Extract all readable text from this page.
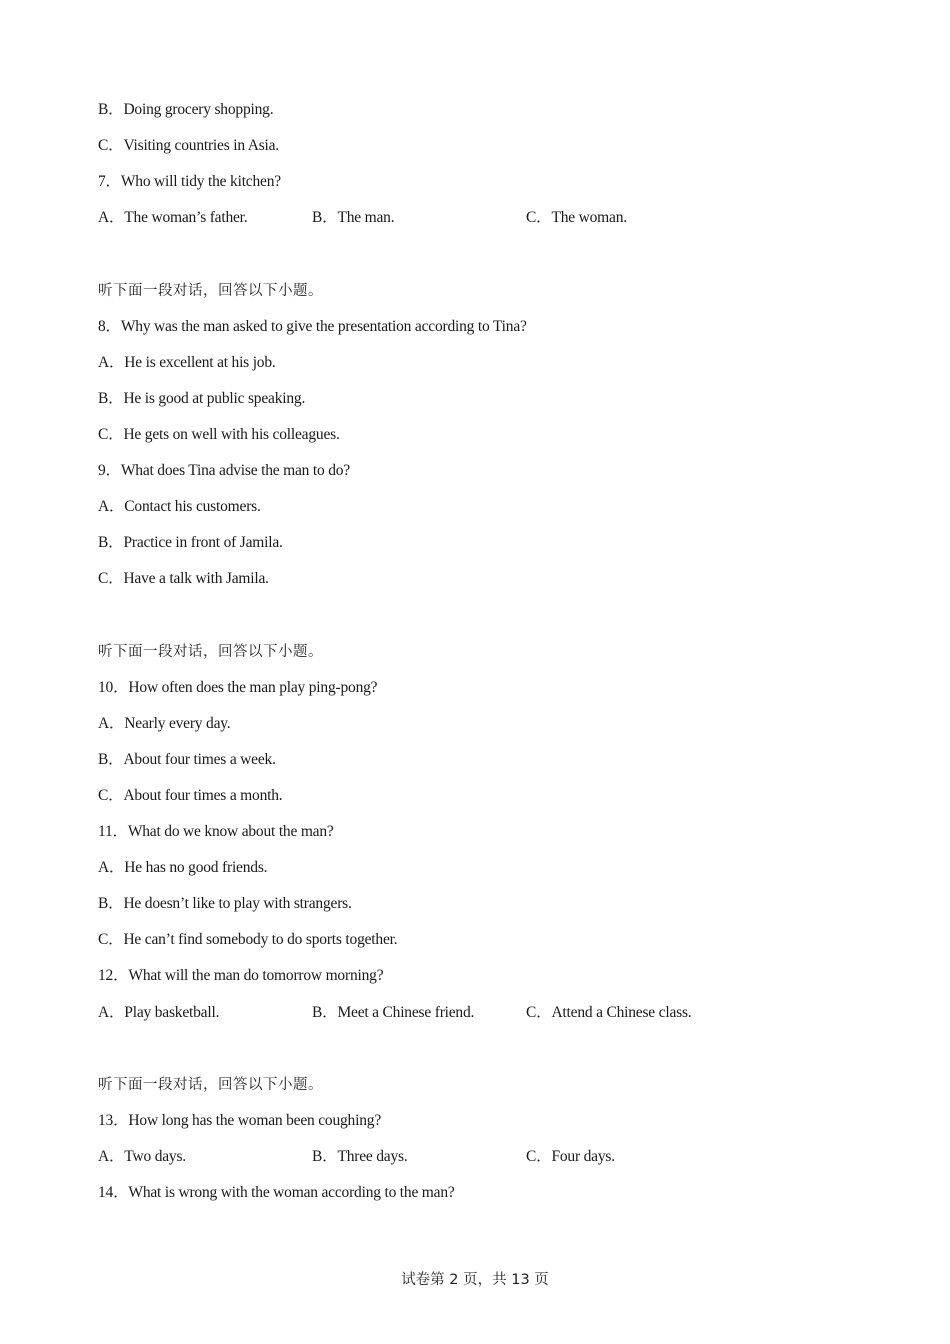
B．Doing grocery shopping.
C．Visiting countries in Asia.
7．Who will tidy the kitchen?
A．The woman’s father.	B．The man.	C．The woman.
听下面一段对话，回答以下小题。
8．Why was the man asked to give the presentation according to Tina?
A．He is excellent at his job.
B．He is good at public speaking.
C．He gets on well with his colleagues.
9．What does Tina advise the man to do?
A．Contact his customers.
B．Practice in front of Jamila.
C．Have a talk with Jamila.
听下面一段对话，回答以下小题。
10．How often does the man play ping-pong?
A．Nearly every day.
B．About four times a week.
C．About four times a month.
11．What do we know about the man?
A．He has no good friends.
B．He doesn’t like to play with strangers.
C．He can’t find somebody to do sports together.
12．What will the man do tomorrow morning?
A．Play basketball.	B．Meet a Chinese friend.	C．Attend a Chinese class.
听下面一段对话，回答以下小题。
13．How long has the woman been coughing?
A．Two days.	B．Three days.	C．Four days.
14．What is wrong with the woman according to the man?
试卷第 2 页，共 13 页
